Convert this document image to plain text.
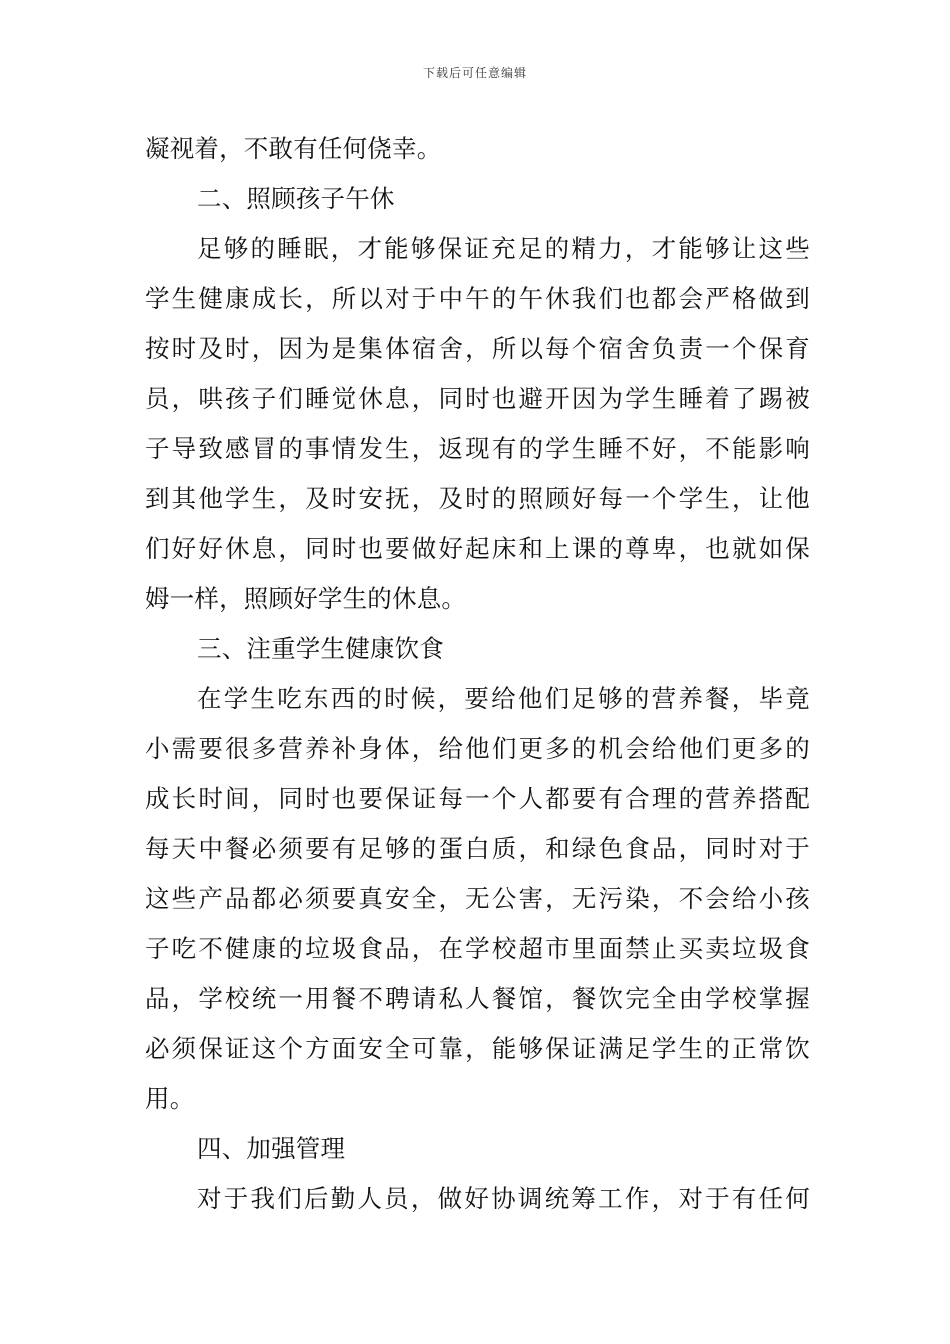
下载后可任意编辑
凝视着，不敢有任何侥幸。
二、照顾孩子午休
足够的睡眠，才能够保证充足的精力，才能够让这些
学生健康成长，所以对于中午的午休我们也都会严格做到
按时及时，因为是集体宿舍，所以每个宿舍负责一个保育
员，哄孩子们睡觉休息，同时也避开因为学生睡着了踢被
子导致感冒的事情发生，返现有的学生睡不好，不能影响
到其他学生，及时安抚，及时的照顾好每一个学生，让他
们好好休息，同时也要做好起床和上课的尊卑，也就如保
姆一样，照顾好学生的休息。
三、注重学生健康饮食
在学生吃东西的时候，要给他们足够的营养餐，毕竟
小需要很多营养补身体，给他们更多的机会给他们更多的
成长时间，同时也要保证每一个人都要有合理的营养搭配
每天中餐必须要有足够的蛋白质，和绿色食品，同时对于
这些产品都必须要真安全，无公害，无污染，不会给小孩
子吃不健康的垃圾食品，在学校超市里面禁止买卖垃圾食
品，学校统一用餐不聘请私人餐馆，餐饮完全由学校掌握
必须保证这个方面安全可靠，能够保证满足学生的正常饮
用。
四、加强管理
对于我们后勤人员，做好协调统筹工作，对于有任何
